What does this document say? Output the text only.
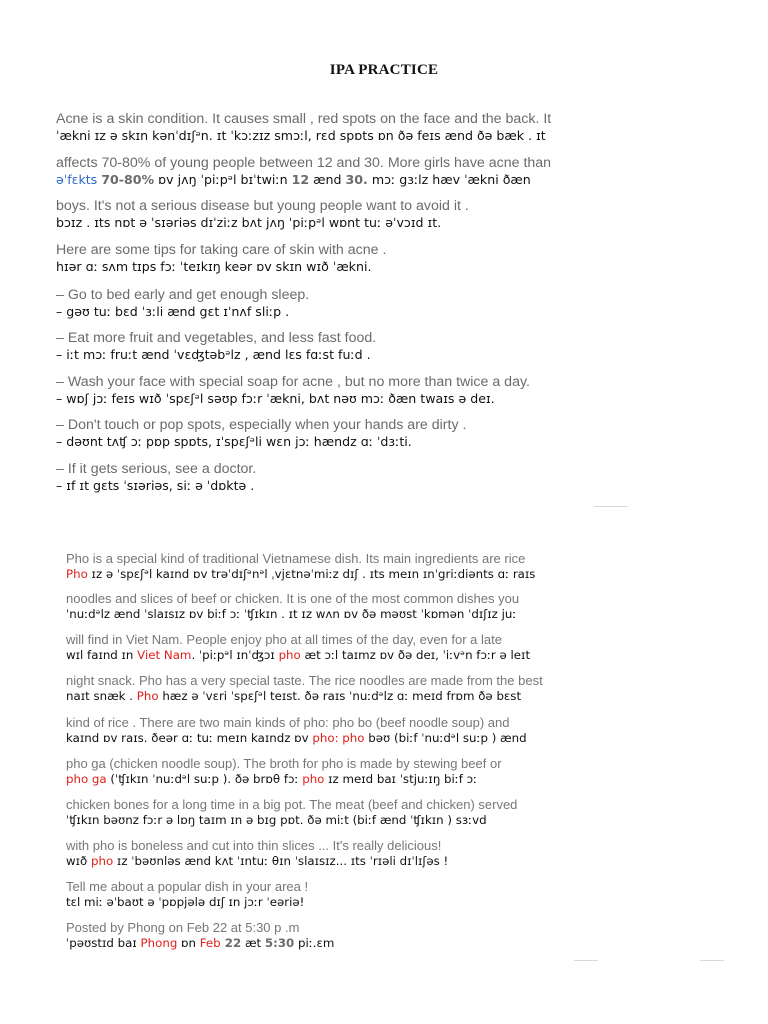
IPA PRACTICE
Acne is a skin condition. It causes small , red spots on the face and the back. It
ˈækni ɪz ə skɪn kənˈdɪʃᵊn. ɪt ˈkɔːzɪz smɔːl, rɛd spɒts ɒn ðə feɪs ænd ðə bæk . ɪt
affects 70-80% of young people between 12 and 30. More girls have acne than
əˈfɛkts 70-80% ɒv jʌŋ ˈpiːpᵊl bɪˈtwiːn 12 ænd 30. mɔː gɜːlz hæv ˈækni ðæn
boys. It's not a serious disease but young people want to avoid it .
bɔɪz . ɪts nɒt ə ˈsɪəriəs dɪˈziːz bʌt jʌŋ ˈpiːpᵊl wɒnt tuː əˈvɔɪd ɪt.
Here are some tips for taking care of skin with acne .
hɪər ɑː sʌm tɪps fɔː ˈteɪkɪŋ keər ɒv skɪn wɪð ˈækni.
– Go to bed early and get enough sleep.
– gəʊ tuː bɛd ˈɜːli ænd gɛt ɪˈnʌf sliːp .
– Eat more fruit and vegetables, and less fast food.
– iːt mɔː fruːt ænd ˈvɛʤtəbᵊlz , ænd lɛs fɑːst fuːd .
– Wash your face with special soap for acne , but no more than twice a day.
– wɒʃ jɔː feɪs wɪð ˈspɛʃᵊl səʊp fɔːr ˈækni, bʌt nəʊ mɔː ðæn twaɪs ə deɪ.
– Don't touch or pop spots, especially when your hands are dirty .
– dəʊnt tʌʧ ɔː pɒp spɒts, ɪˈspɛʃᵊli wɛn jɔː hændz ɑː ˈdɜːti.
– If it gets serious, see a doctor.
– ɪf ɪt gɛts ˈsɪəriəs, siː ə ˈdɒktə .
Pho is a special kind of traditional Vietnamese dish. Its main ingredients are rice
Pho ɪz ə ˈspɛʃᵊl kaɪnd ɒv trəˈdɪʃᵊnᵊl ˌvjɛtnəˈmiːz dɪʃ . ɪts meɪn ɪnˈgriːdiənts ɑː raɪs
noodles and slices of beef or chicken. It is one of the most common dishes you
ˈnuːdᵊlz ænd ˈslaɪsɪz ɒv biːf ɔː ˈʧɪkɪn . ɪt ɪz wʌn ɒv ðə məʊst ˈkɒmən ˈdɪʃɪz juː
will find in Viet Nam. People enjoy pho at all times of the day, even for a late
wɪl faɪnd ɪn Viet Nam. ˈpiːpᵊl ɪnˈʤɔɪ pho æt ɔːl taɪmz ɒv ðə deɪ, ˈiːvᵊn fɔːr ə leɪt
night snack. Pho has a very special taste. The rice noodles are made from the best
naɪt snæk . Pho hæz ə ˈvɛri ˈspɛʃᵊl teɪst. ðə raɪs ˈnuːdᵊlz ɑː meɪd frɒm ðə bɛst
kind of rice . There are two main kinds of pho: pho bo (beef noodle soup) and
kaɪnd ɒv raɪs. ðeər ɑː tuː meɪn kaɪndz ɒv pho: pho bəʊ (biːf ˈnuːdᵊl suːp ) ænd
pho ga (chicken noodle soup). The broth for pho is made by stewing beef or
pho ga (ˈʧɪkɪn ˈnuːdᵊl suːp ). ðə brɒθ fɔː pho ɪz meɪd baɪ ˈstjuːɪŋ biːf ɔː
chicken bones for a long time in a big pot. The meat (beef and chicken) served
ˈʧɪkɪn bəʊnz fɔːr ə lɒŋ taɪm ɪn ə bɪg pɒt. ðə miːt (biːf ænd ˈʧɪkɪn ) sɜːvd
with pho is boneless and cut into thin slices ... It's really delicious!
wɪð pho ɪz ˈbəʊnləs ænd kʌt ˈɪntuː θɪn ˈslaɪsɪz... ɪts ˈrɪəli dɪˈlɪʃəs !
Tell me about a popular dish in your area !
tɛl miː əˈbaʊt ə ˈpɒpjələ dɪʃ ɪn jɔːr ˈeəriə!
Posted by Phong on Feb 22 at 5:30 p .m
ˈpəʊstɪd baɪ Phong ɒn Feb 22 æt 5:30 piː.ɛm
